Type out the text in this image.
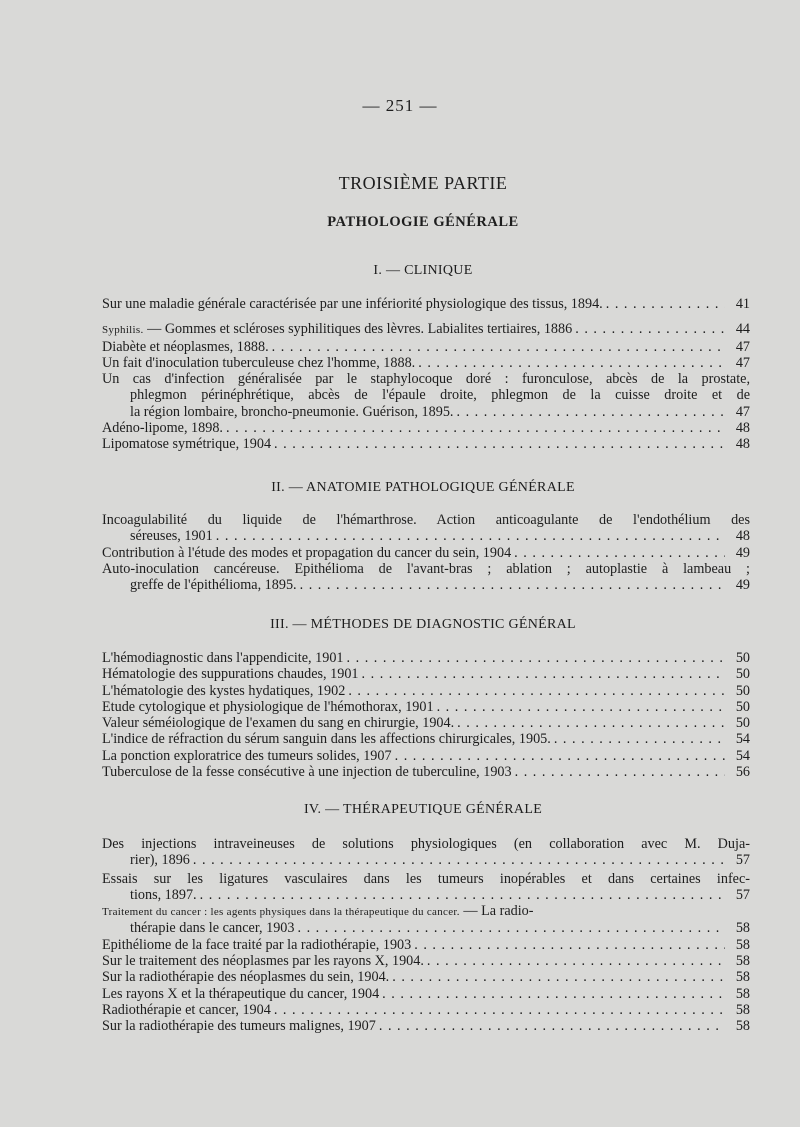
— 251 —
TROISIÈME PARTIE
PATHOLOGIE GÉNÉRALE
I. — CLINIQUE
Sur une maladie générale caractérisée par une infériorité physiologique des tissus, 1894. . . .	41
Syphilis. — Gommes et scléroses syphilitiques des lèvres. Labialites tertiaires, 1886 . . .	44
Diabète et néoplasmes, 1888. . . .	47
Un fait d'inoculation tuberculeuse chez l'homme, 1888. . . .	47
Un cas d'infection généralisée par le staphylocoque doré : furonculose, abcès de la prostate,
phlegmon périnéphrétique, abcès de l'épaule droite, phlegmon de la cuisse droite et de
la région lombaire, broncho-pneumonie. Guérison, 1895. . . .	47
Adéno-lipome, 1898. . . .	48
Lipomatose symétrique, 1904 . . .	48
II. — ANATOMIE PATHOLOGIQUE GÉNÉRALE
Incoagulabilité du liquide de l'hémarthrose. Action anticoagulante de l'endothélium des
séreuses, 1901 . . .	48
Contribution à l'étude des modes et propagation du cancer du sein, 1904 . . .	49
Auto-inoculation cancéreuse. Epithélioma de l'avant-bras ; ablation ; autoplastie à lambeau ;
greffe de l'épithélioma, 1895. . . .	49
III. — MÉTHODES DE DIAGNOSTIC GÉNÉRAL
L'hémodiagnostic dans l'appendicite, 1901 . . .	50
Hématologie des suppurations chaudes, 1901 . . .	50
L'hématologie des kystes hydatiques, 1902 . . .	50
Etude cytologique et physiologique de l'hémothorax, 1901 . . .	50
Valeur séméiologique de l'examen du sang en chirurgie, 1904. . . .	50
L'indice de réfraction du sérum sanguin dans les affections chirurgicales, 1905. . . .	54
La ponction exploratrice des tumeurs solides, 1907 . . .	54
Tuberculose de la fesse consécutive à une injection de tuberculine, 1903 . . .	56
IV. — THÉRAPEUTIQUE GÉNÉRALE
Des injections intraveineuses de solutions physiologiques (en collaboration avec M. Duja-
rier), 1896 . . .	57
Essais sur les ligatures vasculaires dans les tumeurs inopérables et dans certaines infec-
tions, 1897. . . .	57
Traitement du cancer : les agents physiques dans la thérapeutique du cancer. — La radio-
thérapie dans le cancer, 1903 . . .	58
Epithéliome de la face traité par la radiothérapie, 1903 . . .	58
Sur le traitement des néoplasmes par les rayons X, 1904. . . .	58
Sur la radiothérapie des néoplasmes du sein, 1904. . . .	58
Les rayons X et la thérapeutique du cancer, 1904 . . .	58
Radiothérapie et cancer, 1904 . . .	58
Sur la radiothérapie des tumeurs malignes, 1907 . . .	58
